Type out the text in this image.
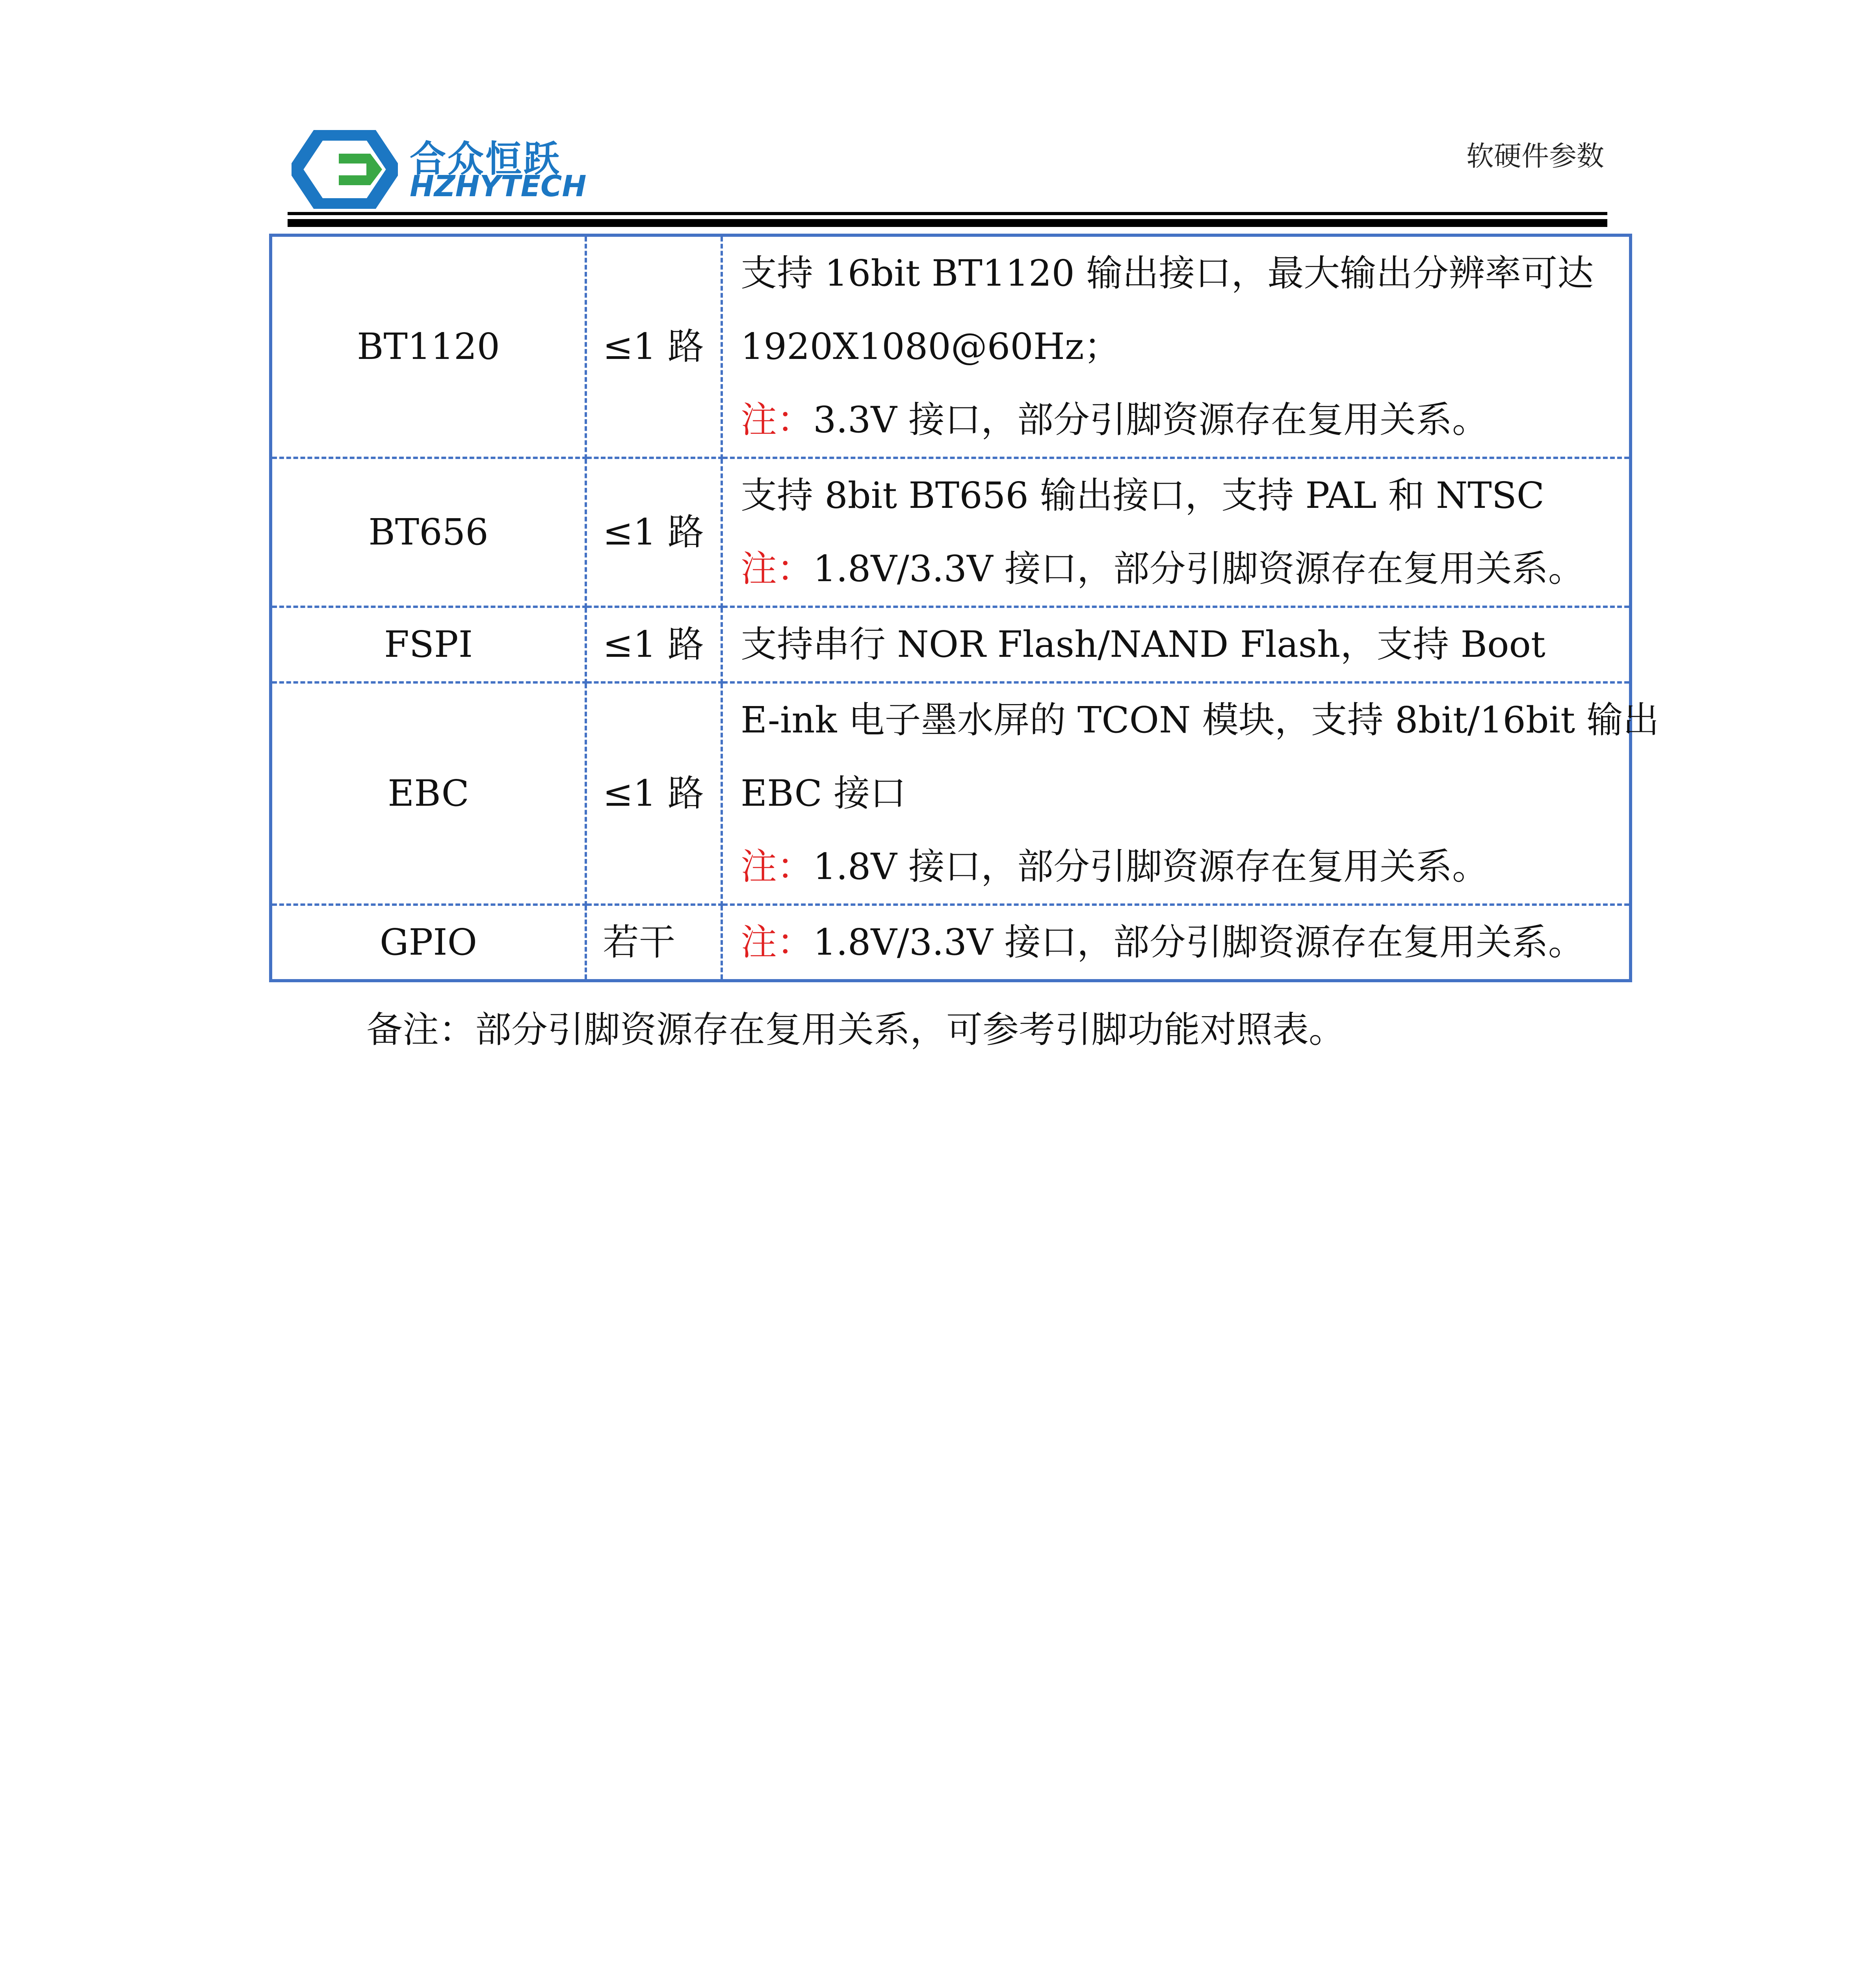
合众恒跃
HZHYTECH
软硬件参数
BT1120	≤1 路	支持 16bit BT1120 输出接口，最大输出分辨率可达
1920X1080@60Hz；
注：3.3V 接口，部分引脚资源存在复用关系。

BT656	≤1 路	支持 8bit BT656 输出接口，支持 PAL 和 NTSC
注：1.8V/3.3V 接口，部分引脚资源存在复用关系。

FSPI	≤1 路	支持串行 NOR Flash/NAND Flash，支持 Boot

EBC	≤1 路	E-ink 电子墨水屏的 TCON 模块，支持 8bit/16bit 输出
EBC 接口
注：1.8V 接口，部分引脚资源存在复用关系。

GPIO	若干	注：1.8V/3.3V 接口，部分引脚资源存在复用关系。
备注：部分引脚资源存在复用关系，可参考引脚功能对照表。
